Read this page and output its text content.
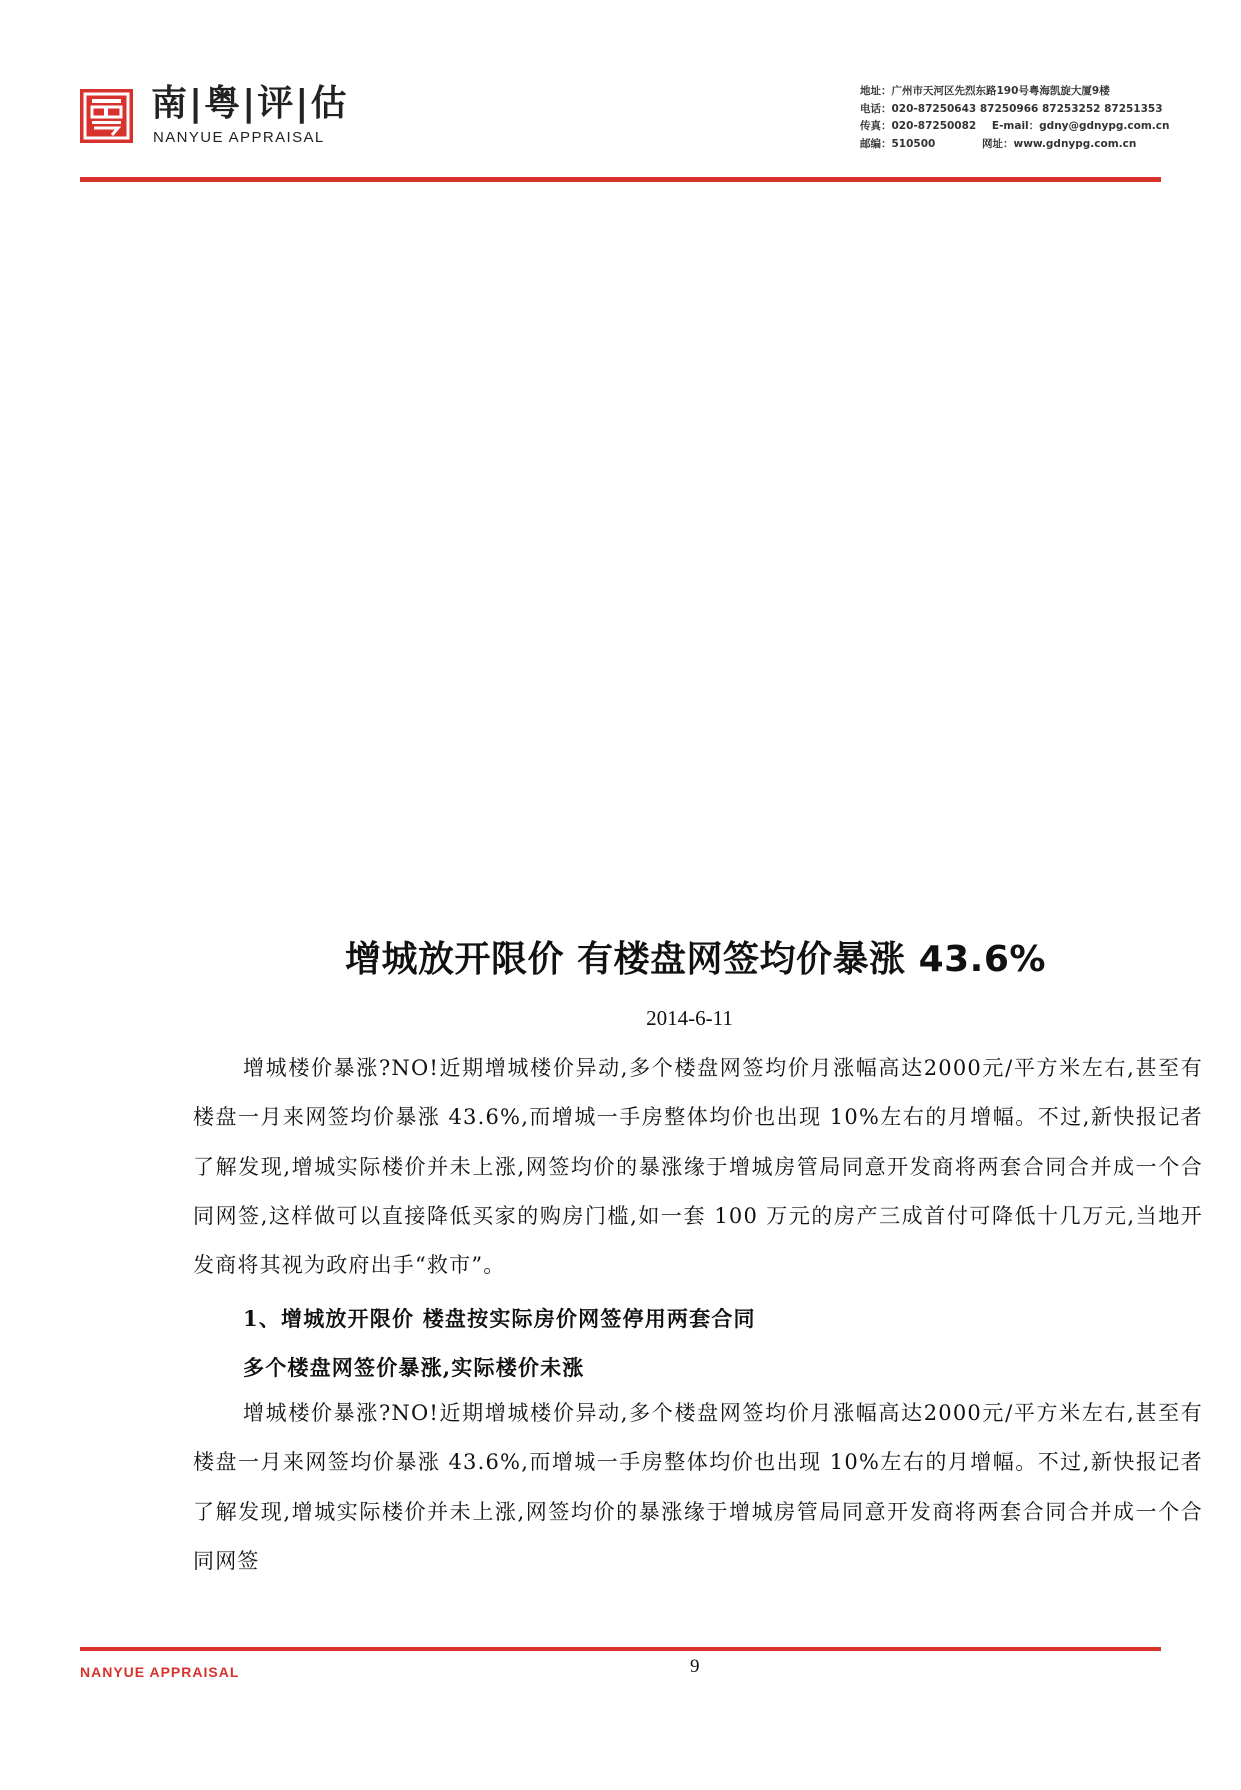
南|粤|评|估
NANYUE APPRAISAL
地址：广州市天河区先烈东路190号粤海凯旋大厦9楼
电话：020-87250643 87250966 87253252 87251353
传真：020-87250082 E-mail：gdny@gdnypg.com.cn
邮编：510500	网址：www.gdnypg.com.cn
增城放开限价 有楼盘网签均价暴涨 43.6%
2014-6-11

增城楼价暴涨?NO!近期增城楼价异动,多个楼盘网签均价月涨幅高达2000元/平方米左右,甚至有楼盘一月来网签均价暴涨 43.6%,而增城一手房整体均价也出现 10%左右的月增幅。不过,新快报记者了解发现,增城实际楼价并未上涨,网签均价的暴涨缘于增城房管局同意开发商将两套合同合并成一个合同网签,这样做可以直接降低买家的购房门槛,如一套 100 万元的房产三成首付可降低十几万元,当地开发商将其视为政府出手“救市”。

1、增城放开限价 楼盘按实际房价网签停用两套合同
多个楼盘网签价暴涨,实际楼价未涨

增城楼价暴涨?NO!近期增城楼价异动,多个楼盘网签均价月涨幅高达2000元/平方米左右,甚至有楼盘一月来网签均价暴涨 43.6%,而增城一手房整体均价也出现 10%左右的月增幅。不过,新快报记者了解发现,增城实际楼价并未上涨,网签均价的暴涨缘于增城房管局同意开发商将两套合同合并成一个合同网签

NANYUE APPRAISAL	9
